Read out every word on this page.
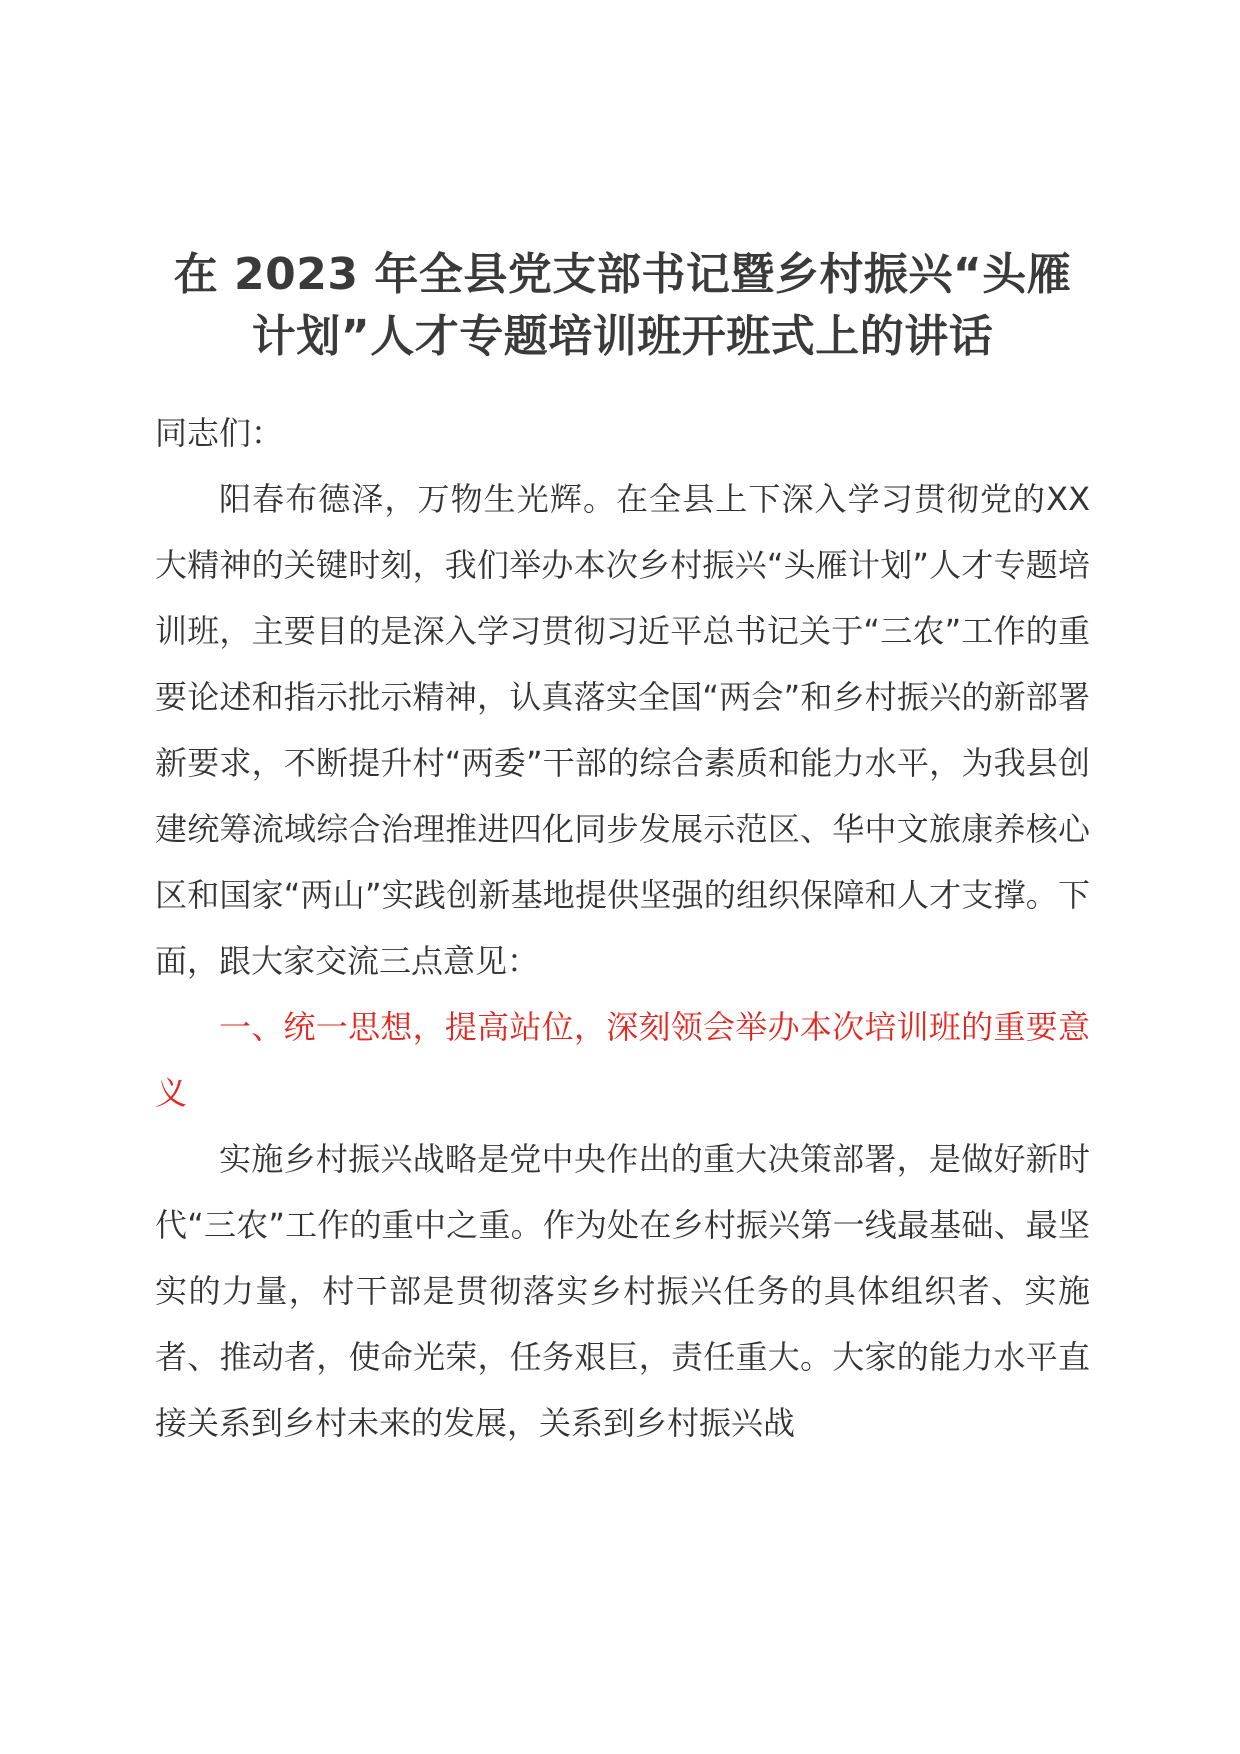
在 2023 年全县党支部书记暨乡村振兴“头雁
计划”人才专题培训班开班式上的讲话

同志们：

阳春布德泽，万物生光辉。在全县上下深入学习贯彻党的XX 大精神的关键时刻，我们举办本次乡村振兴“头雁计划”人才专题培训班，主要目的是深入学习贯彻习近平总书记关于“三农”工作的重要论述和指示批示精神，认真落实全国“两会”和乡村振兴的新部署新要求，不断提升村“两委”干部的综合素质和能力水平，为我县创建统筹流域综合治理推进四化同步发展示范区、华中文旅康养核心区和国家“两山”实践创新基地提供坚强的组织保障和人才支撑。下面，跟大家交流三点意见：

一、统一思想，提高站位，深刻领会举办本次培训班的重要意义

实施乡村振兴战略是党中央作出的重大决策部署，是做好新时代“三农”工作的重中之重。作为处在乡村振兴第一线最基础、最坚实的力量，村干部是贯彻落实乡村振兴任务的具体组织者、实施者、推动者，使命光荣，任务艰巨，责任重大。大家的能力水平直接关系到乡村未来的发展，关系到乡村振兴战
